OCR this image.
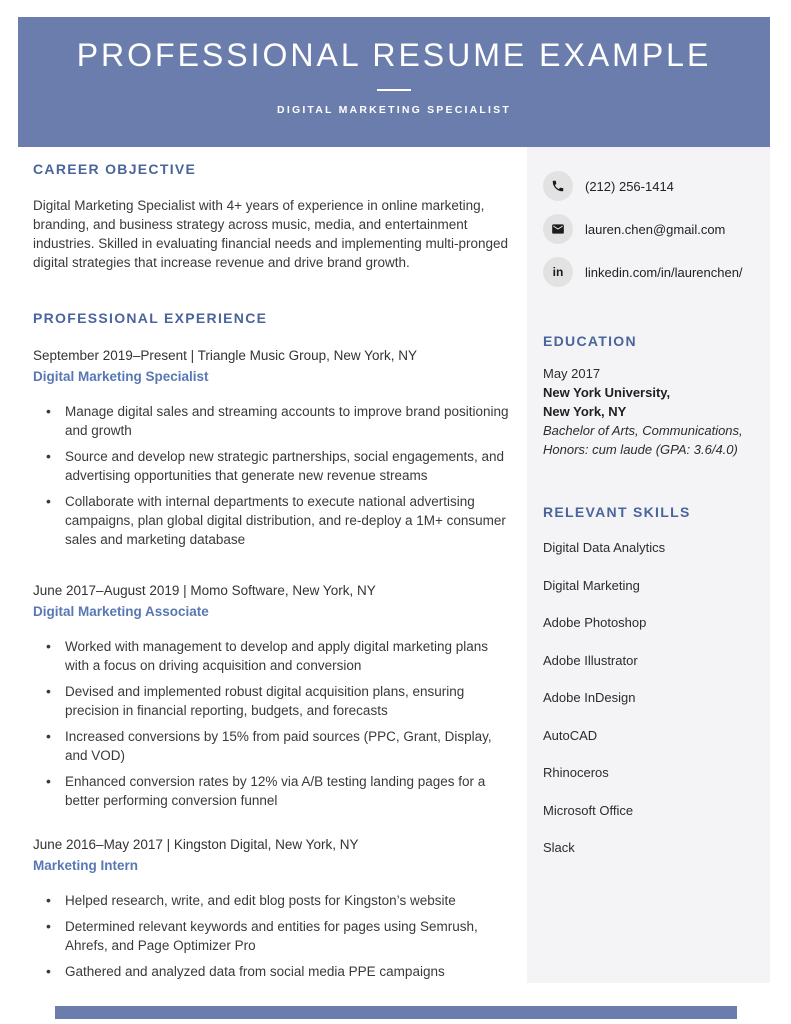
PROFESSIONAL RESUME EXAMPLE
DIGITAL MARKETING SPECIALIST
CAREER OBJECTIVE

Digital Marketing Specialist with 4+ years of experience in online marketing, branding, and business strategy across music, media, and entertainment industries. Skilled in evaluating financial needs and implementing multi-pronged digital strategies that increase revenue and drive brand growth.

PROFESSIONAL EXPERIENCE
September 2019–Present | Triangle Music Group, New York, NY
Digital Marketing Specialist
• Manage digital sales and streaming accounts to improve brand positioning and growth
• Source and develop new strategic partnerships, social engagements, and advertising opportunities that generate new revenue streams
• Collaborate with internal departments to execute national advertising campaigns, plan global digital distribution, and re-deploy a 1M+ consumer sales and marketing database
June 2017–August 2019 | Momo Software, New York, NY
Digital Marketing Associate
• Worked with management to develop and apply digital marketing plans with a focus on driving acquisition and conversion
• Devised and implemented robust digital acquisition plans, ensuring precision in financial reporting, budgets, and forecasts
• Increased conversions by 15% from paid sources (PPC, Grant, Display, and VOD)
• Enhanced conversion rates by 12% via A/B testing landing pages for a better performing conversion funnel
June 2016–May 2017 | Kingston Digital, New York, NY
Marketing Intern
• Helped research, write, and edit blog posts for Kingston’s website
• Determined relevant keywords and entities for pages using Semrush, Ahrefs, and Page Optimizer Pro
• Gathered and analyzed data from social media PPE campaigns
(212) 256-1414
lauren.chen@gmail.com
in linkedin.com/in/laurenchen/
EDUCATION
May 2017
New York University,
New York, NY
Bachelor of Arts, Communications,
Honors: cum laude (GPA: 3.6/4.0)
RELEVANT SKILLS
Digital Data Analytics
Digital Marketing
Adobe Photoshop
Adobe Illustrator
Adobe InDesign
AutoCAD
Rhinoceros
Microsoft Office
Slack
